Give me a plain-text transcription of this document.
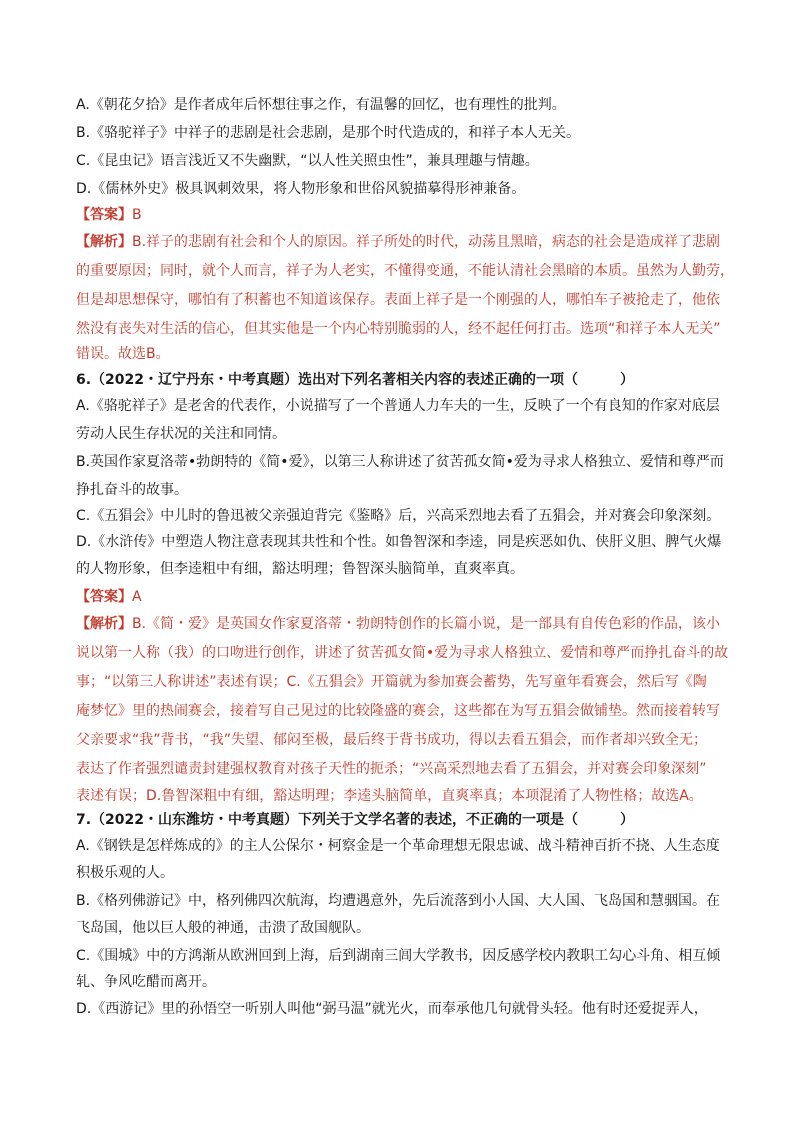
A.《朝花夕拾》是作者成年后怀想往事之作，有温馨的回忆，也有理性的批判。
B.《骆驼祥子》中祥子的悲剧是社会悲剧，是那个时代造成的，和祥子本人无关。
C.《昆虫记》语言浅近又不失幽默，“以人性关照虫性”，兼具理趣与情趣。
D.《儒林外史》极具讽刺效果，将人物形象和世俗风貌描摹得形神兼备。
【答案】B
【解析】B.祥子的悲剧有社会和个人的原因。祥子所处的时代，动荡且黑暗，病态的社会是造成祥了悲剧
的重要原因；同时，就个人而言，祥子为人老实，不懂得变通，不能认清社会黑暗的本质。虽然为人勤劳，
但是却思想保守，哪怕有了积蓄也不知道该保存。表面上祥子是一个刚强的人，哪怕车子被抢走了，他依
然没有丧失对生活的信心，但其实他是一个内心特别脆弱的人，经不起任何打击。选项“和祥子本人无关”
错误。故选B。
6.（2022・辽宁丹东・中考真题）选出对下列名著相关内容的表述正确的一项（　　　）
A.《骆驼祥子》是老舍的代表作，小说描写了一个普通人力车夫的一生，反映了一个有良知的作家对底层
劳动人民生存状况的关注和同情。
B.英国作家夏洛蒂•勃朗特的《简•爱》，以第三人称讲述了贫苦孤女简•爱为寻求人格独立、爱情和尊严而
挣扎奋斗的故事。
C.《五猖会》中儿时的鲁迅被父亲强迫背完《鉴略》后，兴高采烈地去看了五猖会，并对赛会印象深刻。
D.《水浒传》中塑造人物注意表现其共性和个性。如鲁智深和李逵，同是疾恶如仇、侠肝义胆、脾气火爆
的人物形象，但李逵粗中有细，豁达明理；鲁智深头脑简单，直爽率真。
【答案】A
【解析】B.《简・爱》是英国女作家夏洛蒂・勃朗特创作的长篇小说，是一部具有自传色彩的作品，该小
说以第一人称（我）的口吻进行创作，讲述了贫苦孤女简•爱为寻求人格独立、爱情和尊严而挣扎奋斗的故
事；“以第三人称讲述”表述有误；C.《五猖会》开篇就为参加赛会蓄势，先写童年看赛会，然后写《陶
庵梦忆》里的热闹赛会，接着写自己见过的比较隆盛的赛会，这些都在为写五猖会做铺垫。然而接着转写
父亲要求“我”背书，“我”失望、郁闷至极，最后终于背书成功，得以去看五猖会，而作者却兴致全无；
表达了作者强烈谴责封建强权教育对孩子天性的扼杀；“兴高采烈地去看了五猖会，并对赛会印象深刻”
表述有误；D.鲁智深粗中有细，豁达明理；李逵头脑简单，直爽率真；本项混淆了人物性格；故选A。
7.（2022・山东潍坊・中考真题）下列关于文学名著的表述，不正确的一项是（　　　）
A.《钢铁是怎样炼成的》的主人公保尔・柯察金是一个革命理想无限忠诚、战斗精神百折不挠、人生态度
积极乐观的人。
B.《格列佛游记》中，格列佛四次航海，均遭遇意外，先后流落到小人国、大人国、飞岛国和慧骃国。在
飞岛国，他以巨人般的神通，击溃了敌国舰队。
C.《围城》中的方鸿渐从欧洲回到上海，后到湖南三闾大学教书，因反感学校内教职工勾心斗角、相互倾
轧、争风吃醋而离开。
D.《西游记》里的孙悟空一听别人叫他“弼马温”就光火，而奉承他几句就骨头轻。他有时还爱捉弄人，
